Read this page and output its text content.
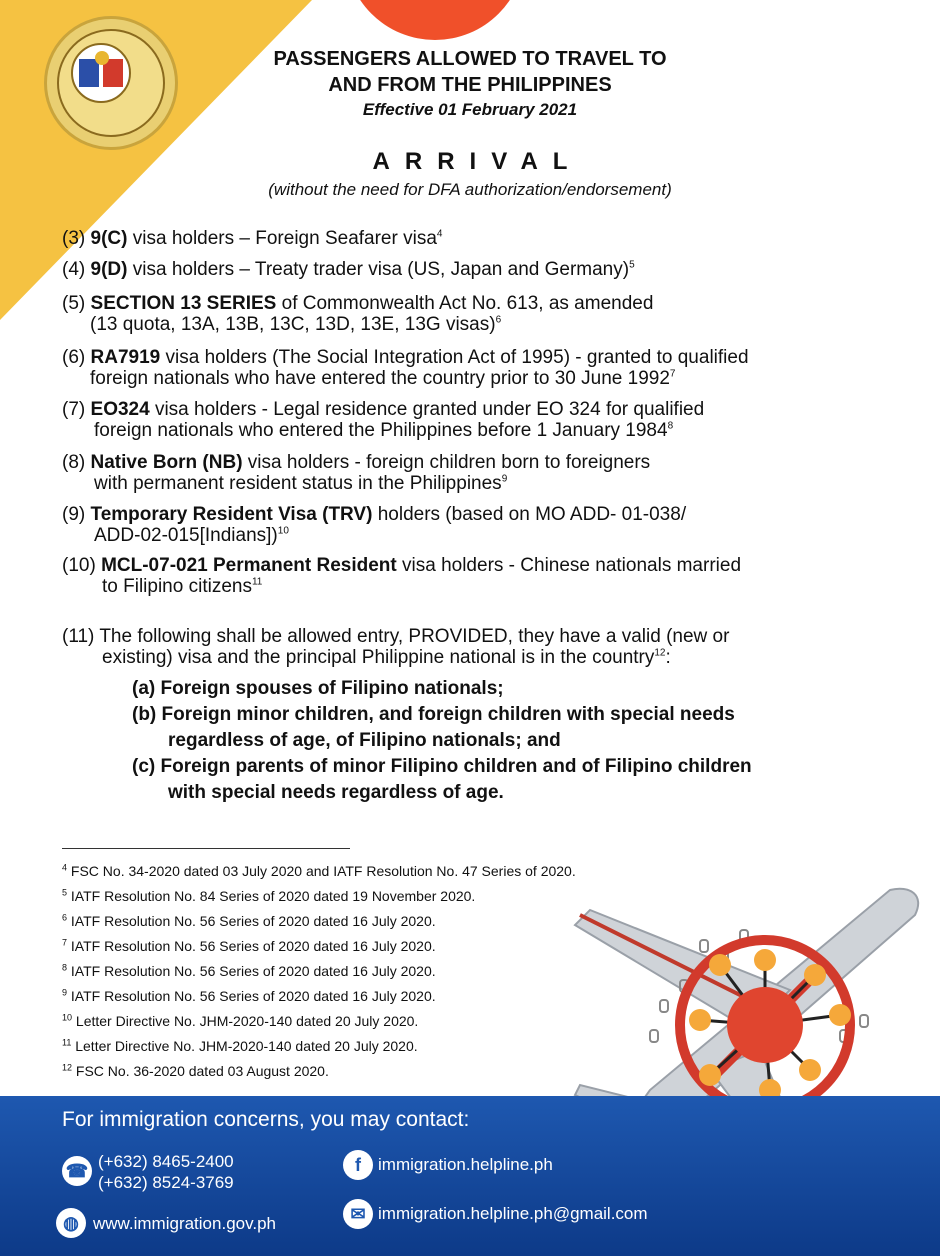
PASSENGERS ALLOWED TO TRAVEL TO
AND FROM THE PHILIPPINES
Effective 01 February 2021
ARRIVAL
(without the need for DFA authorization/endorsement)
(3) 9(C) visa holders – Foreign Seafarer visa$^4$
(4) 9(D) visa holders – Treaty trader visa (US, Japan and Germany)$^5$
(5) SECTION 13 SERIES of Commonwealth Act No. 613, as amended
(13 quota, 13A, 13B, 13C, 13D, 13E, 13G visas)$^6$
(6) RA7919 visa holders (The Social Integration Act of 1995) - granted to qualified
foreign nationals who have entered the country prior to 30 June 1992$^7$
(7) EO324 visa holders - Legal residence granted under EO 324 for qualified
foreign nationals who entered the Philippines before 1 January 1984$^8$
(8) Native Born (NB) visa holders - foreign children born to foreigners
with permanent resident status in the Philippines$^9$
(9) Temporary Resident Visa (TRV) holders (based on MO ADD- 01-038/
ADD-02-015[Indians])$^{10}$
(10) MCL-07-021 Permanent Resident visa holders - Chinese nationals married
to Filipino citizens$^{11}$
(11) The following shall be allowed entry, PROVIDED, they have a valid (new or
existing) visa and the principal Philippine national is in the country$^{12}$:
(a) Foreign spouses of Filipino nationals;
(b) Foreign minor children, and foreign children with special needs
regardless of age, of Filipino nationals; and
(c) Foreign parents of minor Filipino children and of Filipino children
with special needs regardless of age.
$^4$ FSC No. 34-2020 dated 03 July 2020 and IATF Resolution No. 47 Series of 2020.
$^5$ IATF Resolution No. 84 Series of 2020 dated 19 November 2020.
$^6$ IATF Resolution No. 56 Series of 2020 dated 16 July 2020.
$^7$ IATF Resolution No. 56 Series of 2020 dated 16 July 2020.
$^8$ IATF Resolution No. 56 Series of 2020 dated 16 July 2020.
$^9$ IATF Resolution No. 56 Series of 2020 dated 16 July 2020.
$^{10}$ Letter Directive No. JHM-2020-140 dated 20 July 2020.
$^{11}$ Letter Directive No. JHM-2020-140 dated 20 July 2020.
$^{12}$ FSC No. 36-2020 dated 03 August 2020.
For immigration concerns, you may contact:
☎ (+632) 8465-2400
(+632) 8524-3769
f	immigration.helpline.ph
◍ www.immigration.gov.ph	✉ immigration.helpline.ph@gmail.com
